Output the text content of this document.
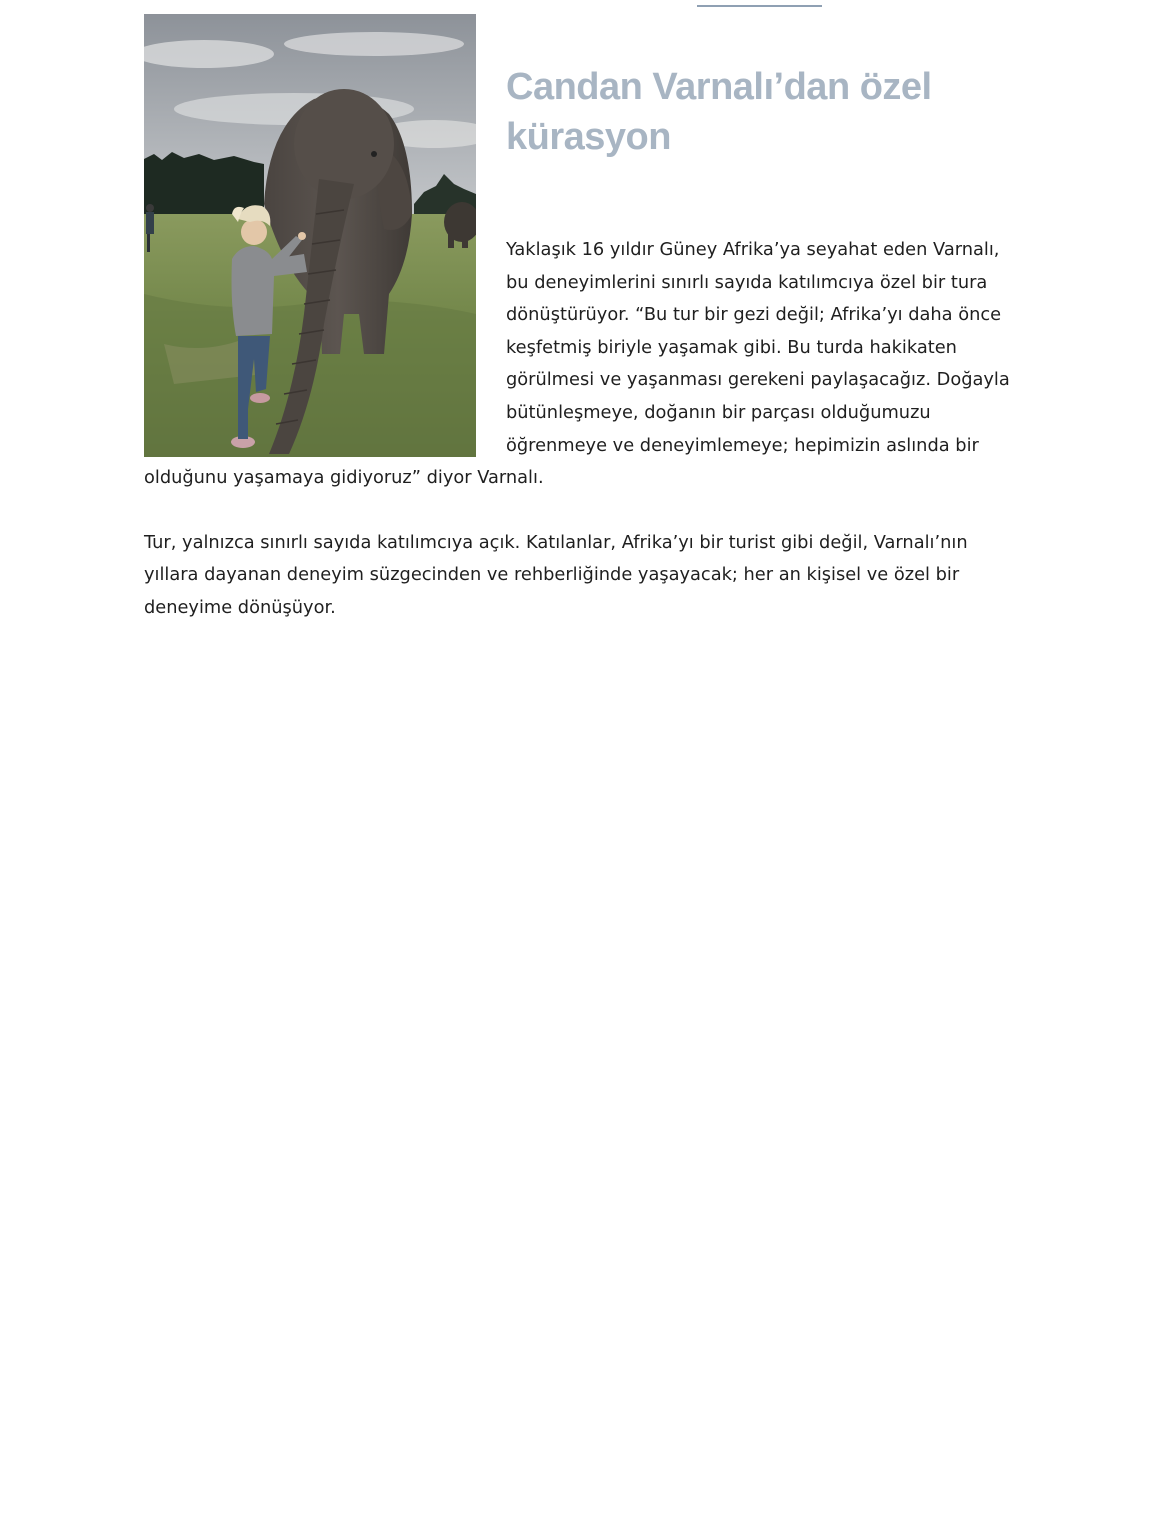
Candan Varnalı’dan özel kürasyon

Yaklaşık 16 yıldır Güney Afrika’ya seyahat eden Varnalı, bu deneyimlerini sınırlı sayıda katılımcıya özel bir tura dönüştürüyor. “Bu tur bir gezi değil; Afrika’yı daha önce keşfetmiş biriyle yaşamak gibi. Bu turda hakikaten görülmesi ve yaşanması gerekeni paylaşacağız. Doğayla bütünleşmeye, doğanın bir parçası olduğumuzu öğrenmeye ve deneyimlemeye; hepimizin aslında bir olduğunu yaşamaya gidiyoruz” diyor Varnalı.

Tur, yalnızca sınırlı sayıda katılımcıya açık. Katılanlar, Afrika’yı bir turist gibi değil, Varnalı’nın yıllara dayanan deneyim süzgecinden ve rehberliğinde yaşayacak; her an kişisel ve özel bir deneyime dönüşüyor.
